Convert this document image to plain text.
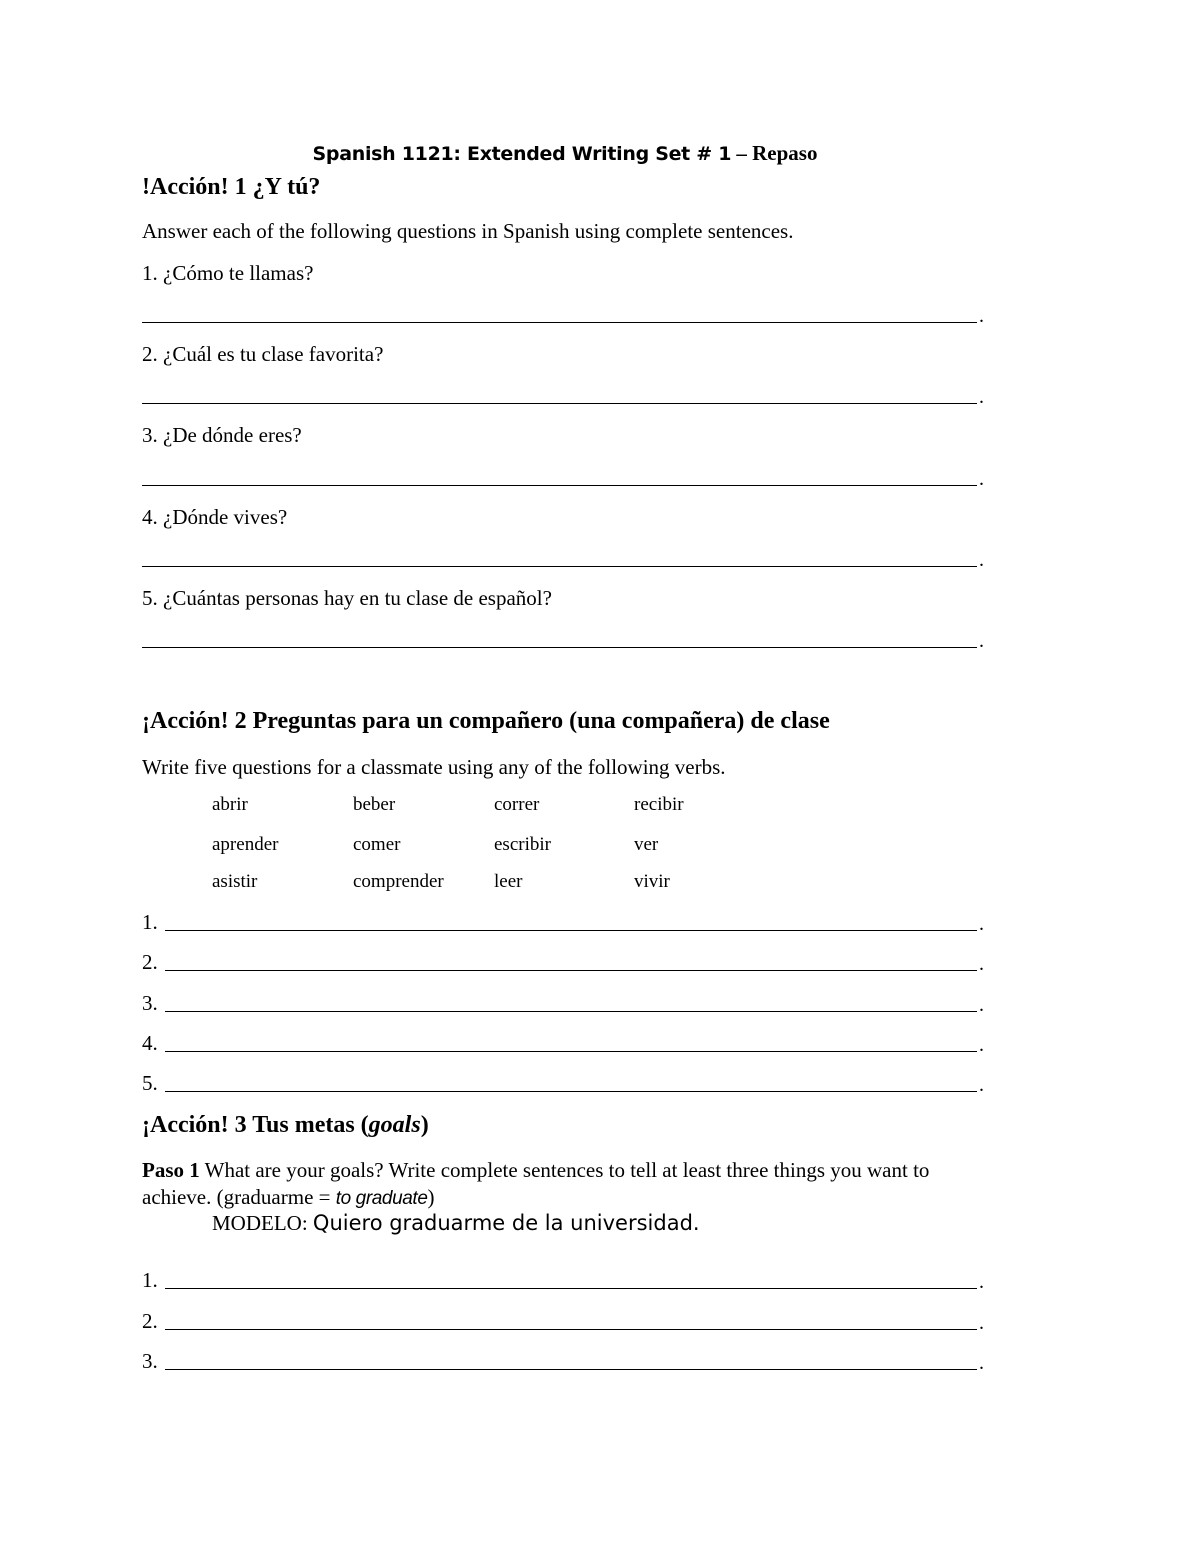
Spanish 1121: Extended Writing Set # 1 – Repaso
!Acción! 1 ¿Y tú?
Answer each of the following questions in Spanish using complete sentences.
1. ¿Cómo te llamas?
.
2. ¿Cuál es tu clase favorita?
.
3. ¿De dónde eres?
.
4. ¿Dónde vives?
.
5. ¿Cuántas personas hay en tu clase de español?
.
¡Acción! 2 Preguntas para un compañero (una compañera) de clase
Write five questions for a classmate using any of the following verbs.
abrir	beber	correr	recibir
aprender	comer	escribir	ver
asistir	comprender	leer	vivir
1.	.
2.	.
3.	.
4.	.
5.	.
¡Acción! 3 Tus metas (goals)
Paso 1 What are your goals? Write complete sentences to tell at least three things you want to
achieve. (graduarme = to graduate)
MODELO: Quiero graduarme de la universidad.
1.	.
2.	.
3.	.
